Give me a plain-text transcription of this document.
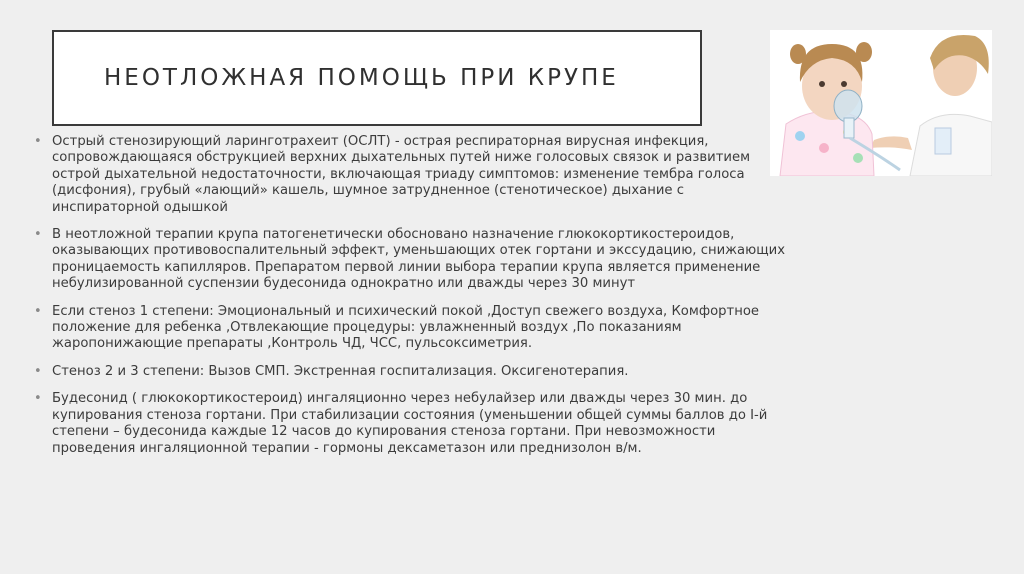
НЕОТЛОЖНАЯ ПОМОЩЬ ПРИ КРУПЕ
• Острый стенозирующий ларинготрахеит (ОСЛТ) - острая респираторная вирусная инфекция, сопровождающаяся обструкцией верхних дыхательных путей ниже голосовых связок и развитием острой дыхательной недостаточности, включающая триаду симптомов: изменение тембра голоса (дисфония), грубый «лающий» кашель, шумное затрудненное (стенотическое) дыхание с инспираторной одышкой
• В неотложной терапии крупа патогенетически обосновано назначение глюкокортикостероидов, оказывающих противовоспалительный эффект, уменьшающих отек гортани и экссудацию, снижающих проницаемость капилляров. Препаратом первой линии выбора терапии крупа является применение небулизированной суспензии будесонида однократно или дважды через 30 минут
• Если стеноз 1 степени: Эмоциональный и психический покой ,Доступ свежего воздуха, Комфортное положение для ребенка ,Отвлекающие процедуры: увлажненный воздух ,По показаниям жаропонижающие препараты ,Контроль ЧД, ЧСС, пульсоксиметрия.
• Стеноз 2 и 3 степени: Вызов СМП. Экстренная госпитализация. Оксигенотерапия.
• Будесонид ( глюкокортикостероид) ингаляционно через небулайзер или дважды через 30 мин. до купирования стеноза гортани. При стабилизации состояния (уменьшении общей суммы баллов до I-й степени – будесонида каждые 12 часов до купирования стеноза гортани. При невозможности проведения ингаляционной терапии - гормоны дексаметазон или преднизолон в/м.
